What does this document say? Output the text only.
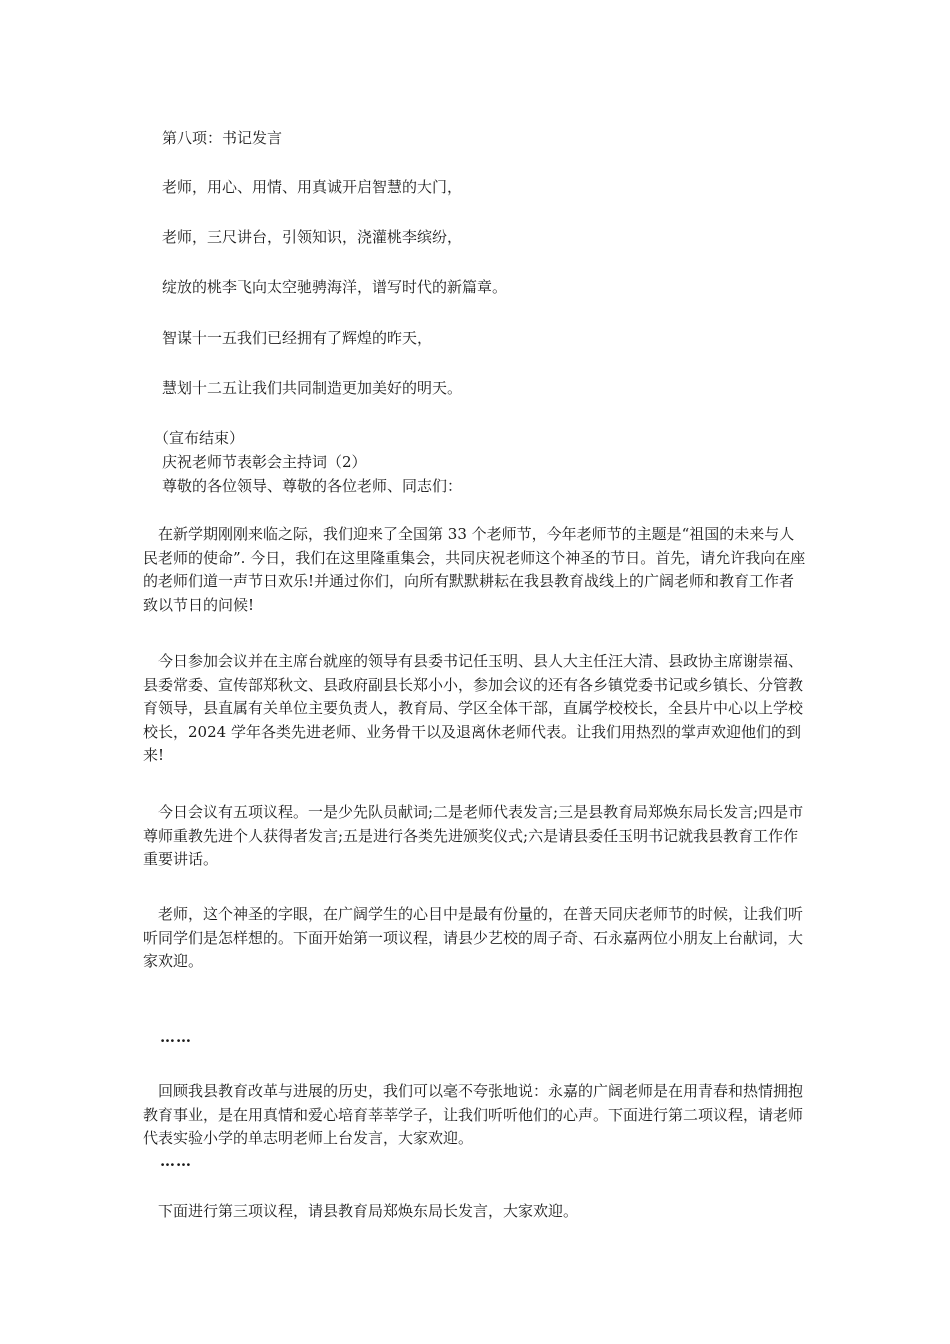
第八项：书记发言

老师，用心、用情、用真诚开启智慧的大门，

老师，三尺讲台，引领知识，浇灌桃李缤纷，

绽放的桃李飞向太空驰骋海洋，谱写时代的新篇章。

智谋十一五我们已经拥有了辉煌的昨天，

慧划十二五让我们共同制造更加美好的明天。

（宣布结束）

庆祝老师节表彰会主持词（2）

尊敬的各位领导、尊敬的各位老师、同志们：

在新学期刚刚来临之际，我们迎来了全国第 33 个老师节，今年老师节的主题是“祖国的未来与人民老师的使命”. 今日，我们在这里隆重集会，共同庆祝老师这个神圣的节日。首先，请允许我向在座的老师们道一声节日欢乐!并通过你们，向所有默默耕耘在我县教育战线上的广阔老师和教育工作者致以节日的问候!

今日参加会议并在主席台就座的领导有县委书记任玉明、县人大主任汪大清、县政协主席谢崇福、县委常委、宣传部郑秋文、县政府副县长郑小小，参加会议的还有各乡镇党委书记或乡镇长、分管教育领导，县直属有关单位主要负责人，教育局、学区全体干部，直属学校校长，全县片中心以上学校校长，2024 学年各类先进老师、业务骨干以及退离休老师代表。让我们用热烈的掌声欢迎他们的到来!

今日会议有五项议程。一是少先队员献词;二是老师代表发言;三是县教育局郑焕东局长发言;四是市尊师重教先进个人获得者发言;五是进行各类先进颁奖仪式;六是请县委任玉明书记就我县教育工作作重要讲话。

老师，这个神圣的字眼，在广阔学生的心目中是最有份量的，在普天同庆老师节的时候，让我们听听同学们是怎样想的。下面开始第一项议程，请县少艺校的周子奇、石永嘉两位小朋友上台献词，大家欢迎。

……

回顾我县教育改革与进展的历史，我们可以毫不夸张地说：永嘉的广阔老师是在用青春和热情拥抱教育事业，是在用真情和爱心培育莘莘学子，让我们听听他们的心声。下面进行第二项议程，请老师代表实验小学的单志明老师上台发言，大家欢迎。

……

下面进行第三项议程，请县教育局郑焕东局长发言，大家欢迎。
